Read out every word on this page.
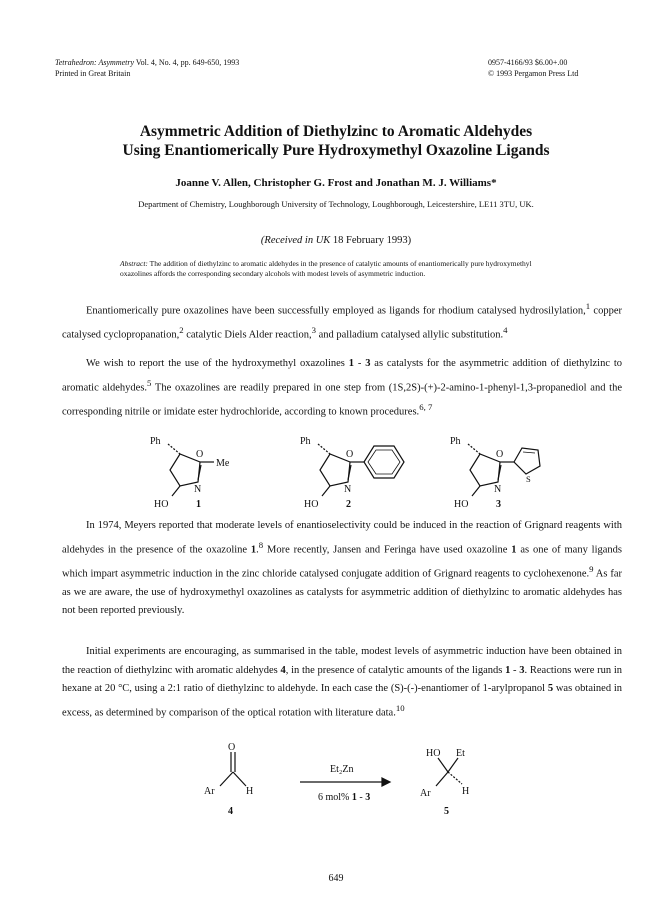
Tetrahedron: Asymmetry Vol. 4, No. 4, pp. 649-650, 1993
Printed in Great Britain
0957-4166/93 $6.00+.00
© 1993 Pergamon Press Ltd
Asymmetric Addition of Diethylzinc to Aromatic Aldehydes
Using Enantiomerically Pure Hydroxymethyl Oxazoline Ligands
Joanne V. Allen, Christopher G. Frost and Jonathan M. J. Williams*
Department of Chemistry, Loughborough University of Technology, Loughborough, Leicestershire, LE11 3TU, UK.
(Received in UK 18 February 1993)
Abstract: The addition of diethylzinc to aromatic aldehydes in the presence of catalytic amounts of enantiomerically pure hydroxymethyl oxazolines affords the corresponding secondary alcohols with modest levels of asymmetric induction.
Enantiomerically pure oxazolines have been successfully employed as ligands for rhodium catalysed hydrosilylation,$^1$ copper catalysed cyclopropanation,$^2$ catalytic Diels Alder reaction,$^3$ and palladium catalysed allylic substitution.$^4$
We wish to report the use of the hydroxymethyl oxazolines 1 - 3 as catalysts for the asymmetric addition of diethylzinc to aromatic aldehydes.$^5$ The oxazolines are readily prepared in one step from (1S,2S)-(+)-2-amino-1-phenyl-1,3-propanediol and the corresponding nitrile or imidate ester hydrochloride, according to known procedures.$^{6, 7}$
Ph
O
N
Me
HO	1
Ph
O
N
HO	2
Ph
O
N
S
HO	3
In 1974, Meyers reported that moderate levels of enantioselectivity could be induced in the reaction of Grignard reagents with aldehydes in the presence of the oxazoline 1.$^8$ More recently, Jansen and Feringa have used oxazoline 1 as one of many ligands which impart asymmetric induction in the zinc chloride catalysed conjugate addition of Grignard reagents to cyclohexenone.$^9$ As far as we are aware, the use of hydroxymethyl oxazolines as catalysts for asymmetric addition of diethylzinc to aromatic aldehydes has not been reported previously.
Initial experiments are encouraging, as summarised in the table, modest levels of asymmetric induction have been obtained in the reaction of diethylzinc with aromatic aldehydes 4, in the presence of catalytic amounts of the ligands 1 - 3. Reactions were run in hexane at 20 °C, using a 2:1 ratio of diethylzinc to aldehyde. In each case the (S)-(-)-enantiomer of 1-arylpropanol 5 was obtained in excess, as determined by comparison of the optical rotation with literature data.$^{10}$
O
Ar	H
4
Et₂Zn
6 mol% 1 - 3
HO Et
Ar	H
5
649
